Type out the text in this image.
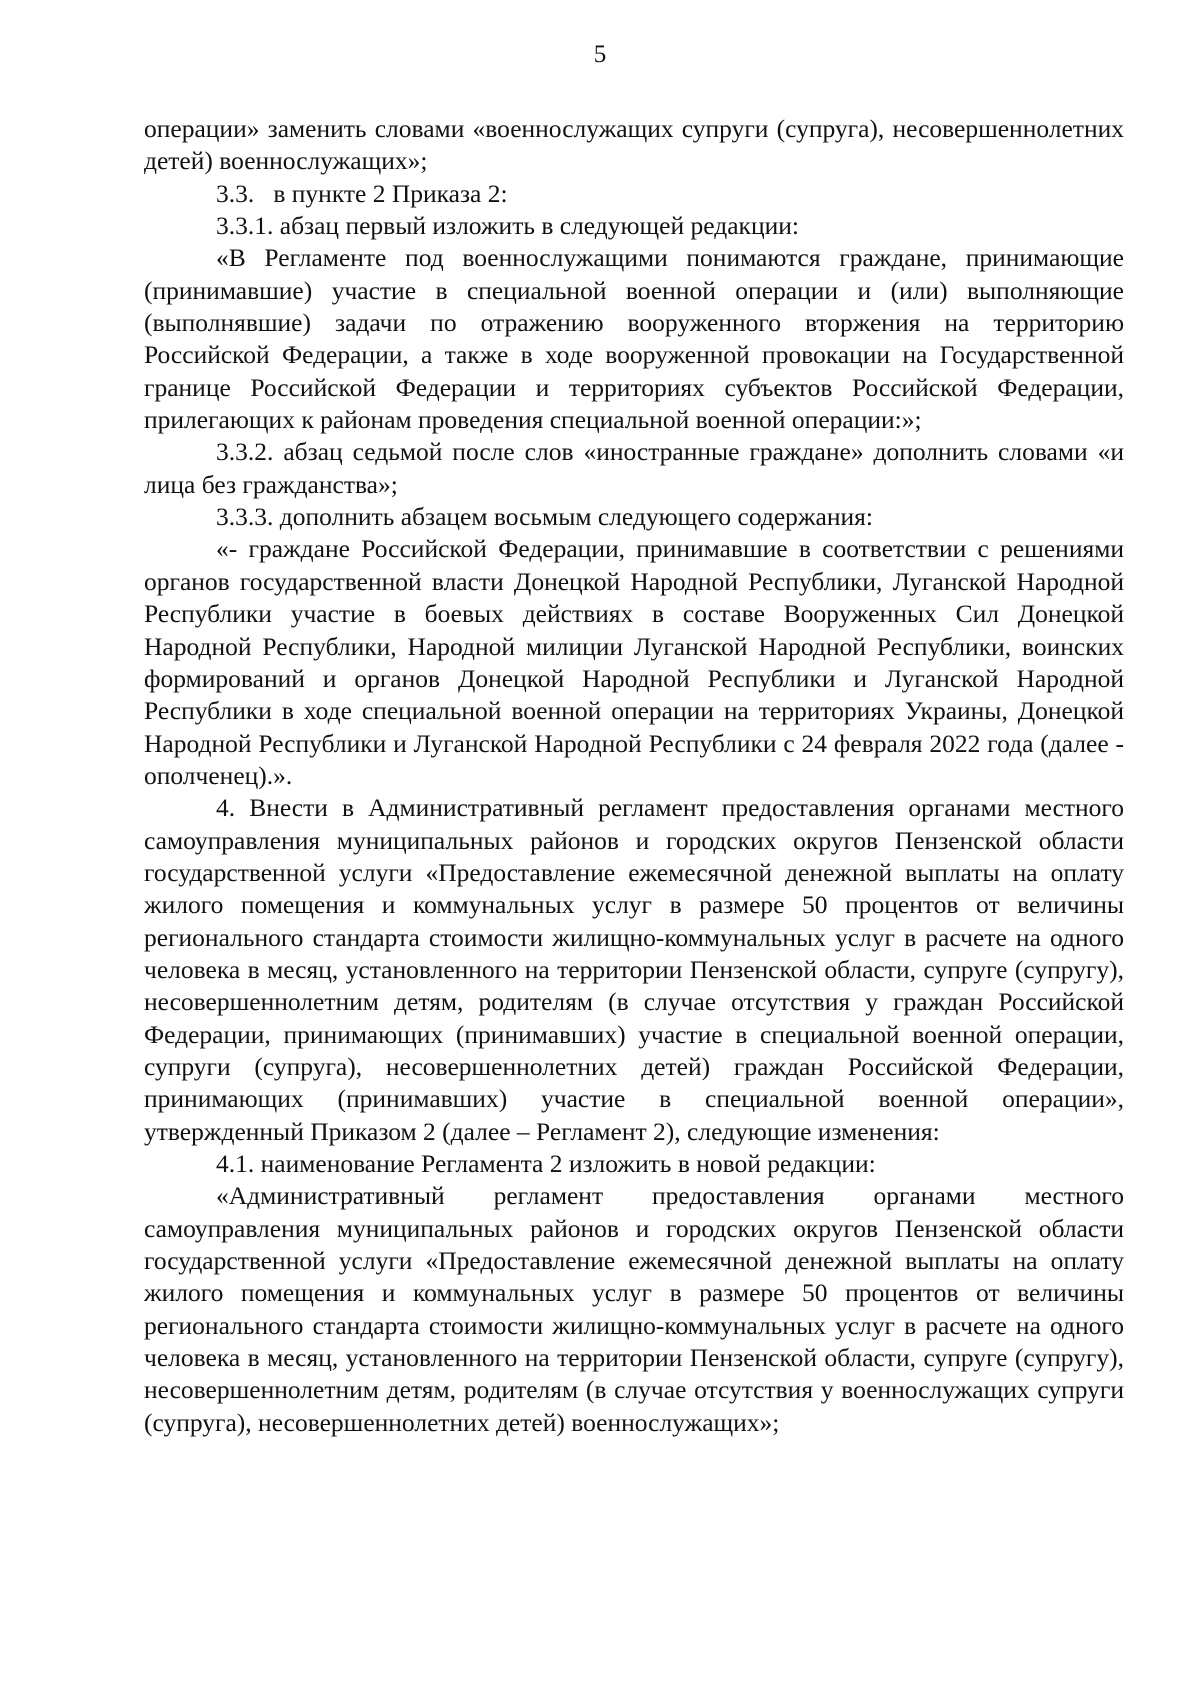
5

операции» заменить словами «военнослужащих супруги (супруга), несовершеннолетних детей) военнослужащих»;

3.3.   в пункте 2 Приказа 2:

3.3.1. абзац первый изложить в следующей редакции:

«В Регламенте под военнослужащими понимаются граждане, принимающие (принимавшие) участие в специальной военной операции и (или) выполняющие (выполнявшие) задачи по отражению вооруженного вторжения на территорию Российской Федерации, а также в ходе вооруженной провокации на Государственной границе Российской Федерации и территориях субъектов Российской Федерации, прилегающих к районам проведения специальной военной операции:»;

3.3.2. абзац седьмой после слов «иностранные граждане» дополнить словами «и лица без гражданства»;

3.3.3. дополнить абзацем восьмым следующего содержания:

«- граждане Российской Федерации, принимавшие в соответствии с решениями органов государственной власти Донецкой Народной Республики, Луганской Народной Республики участие в боевых действиях в составе Вооруженных Сил Донецкой Народной Республики, Народной милиции Луганской Народной Республики, воинских формирований и органов Донецкой Народной Республики и Луганской Народной Республики в ходе специальной военной операции на территориях Украины, Донецкой Народной Республики и Луганской Народной Республики с 24 февраля 2022 года (далее - ополченец).».

4. Внести в Административный регламент предоставления органами местного самоуправления муниципальных районов и городских округов Пензенской области государственной услуги «Предоставление ежемесячной денежной выплаты на оплату жилого помещения и коммунальных услуг в размере 50 процентов от величины регионального стандарта стоимости жилищно-коммунальных услуг в расчете на одного человека в месяц, установленного на территории Пензенской области, супруге (супругу), несовершеннолетним детям, родителям (в случае отсутствия у граждан Российской Федерации, принимающих (принимавших) участие в специальной военной операции, супруги (супруга), несовершеннолетних детей) граждан Российской Федерации, принимающих (принимавших) участие в специальной военной операции», утвержденный Приказом 2 (далее – Регламент 2), следующие изменения:

4.1. наименование Регламента 2 изложить в новой редакции:

«Административный регламент предоставления органами местного самоуправления муниципальных районов и городских округов Пензенской области государственной услуги «Предоставление ежемесячной денежной выплаты на оплату жилого помещения и коммунальных услуг в размере 50 процентов от величины регионального стандарта стоимости жилищно-коммунальных услуг в расчете на одного человека в месяц, установленного на территории Пензенской области, супруге (супругу), несовершеннолетним детям, родителям (в случае отсутствия у военнослужащих супруги (супруга), несовершеннолетних детей) военнослужащих»;
